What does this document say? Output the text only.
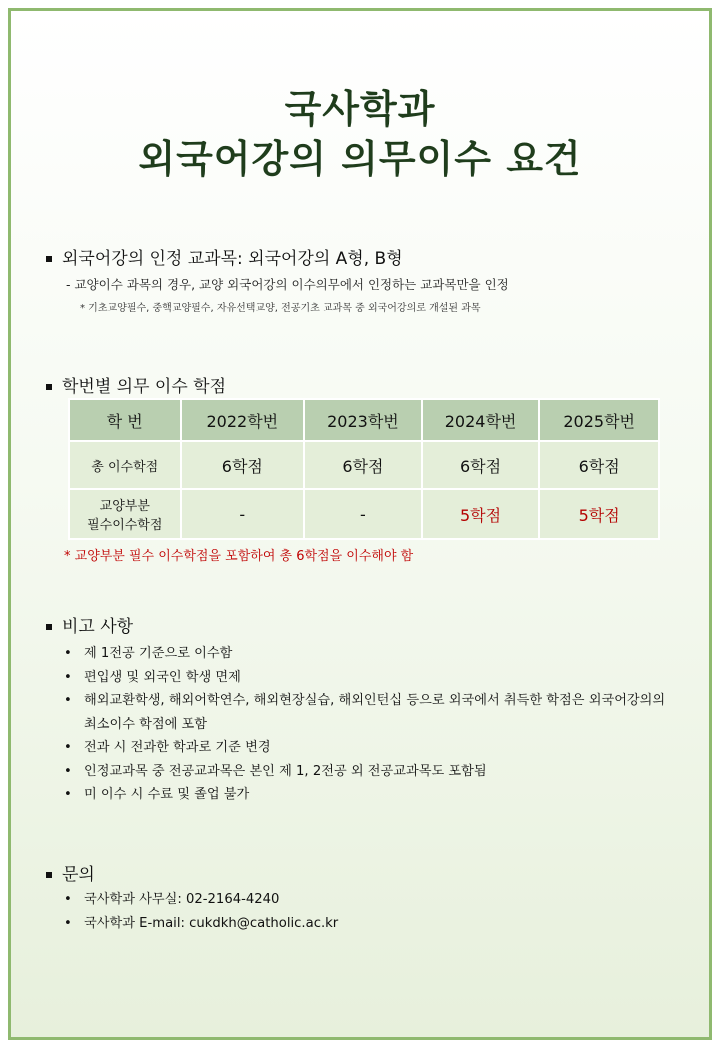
국사학과
외국어강의 의무이수 요건
외국어강의 인정 교과목: 외국어강의 A형, B형
- 교양이수 과목의 경우, 교양 외국어강의 이수의무에서 인정하는 교과목만을 인정
* 기초교양필수, 중핵교양필수, 자유선택교양, 전공기초 교과목 중 외국어강의로 개설된 과목
학번별 의무 이수 학점
학 번	2022학번	2023학번	2024학번	2025학번
총 이수학점	6학점	6학점	6학점	6학점

교양부분
필수이수학점	-	-	5학점	5학점
* 교양부분 필수 이수학점을 포함하여 총 6학점을 이수해야 함
비고 사항
• 제 1전공 기준으로 이수함
• 편입생 및 외국인 학생 면제
• 해외교환학생, 해외어학연수, 해외현장실습, 해외인턴십 등으로 외국에서 취득한 학점은 외국어강의의
최소이수 학점에 포함
• 전과 시 전과한 학과로 기준 변경
• 인정교과목 중 전공교과목은 본인 제 1, 2전공 외 전공교과목도 포함됨
• 미 이수 시 수료 및 졸업 불가
문의
• 국사학과 사무실: 02-2164-4240
• 국사학과 E-mail: cukdkh@catholic.ac.kr
